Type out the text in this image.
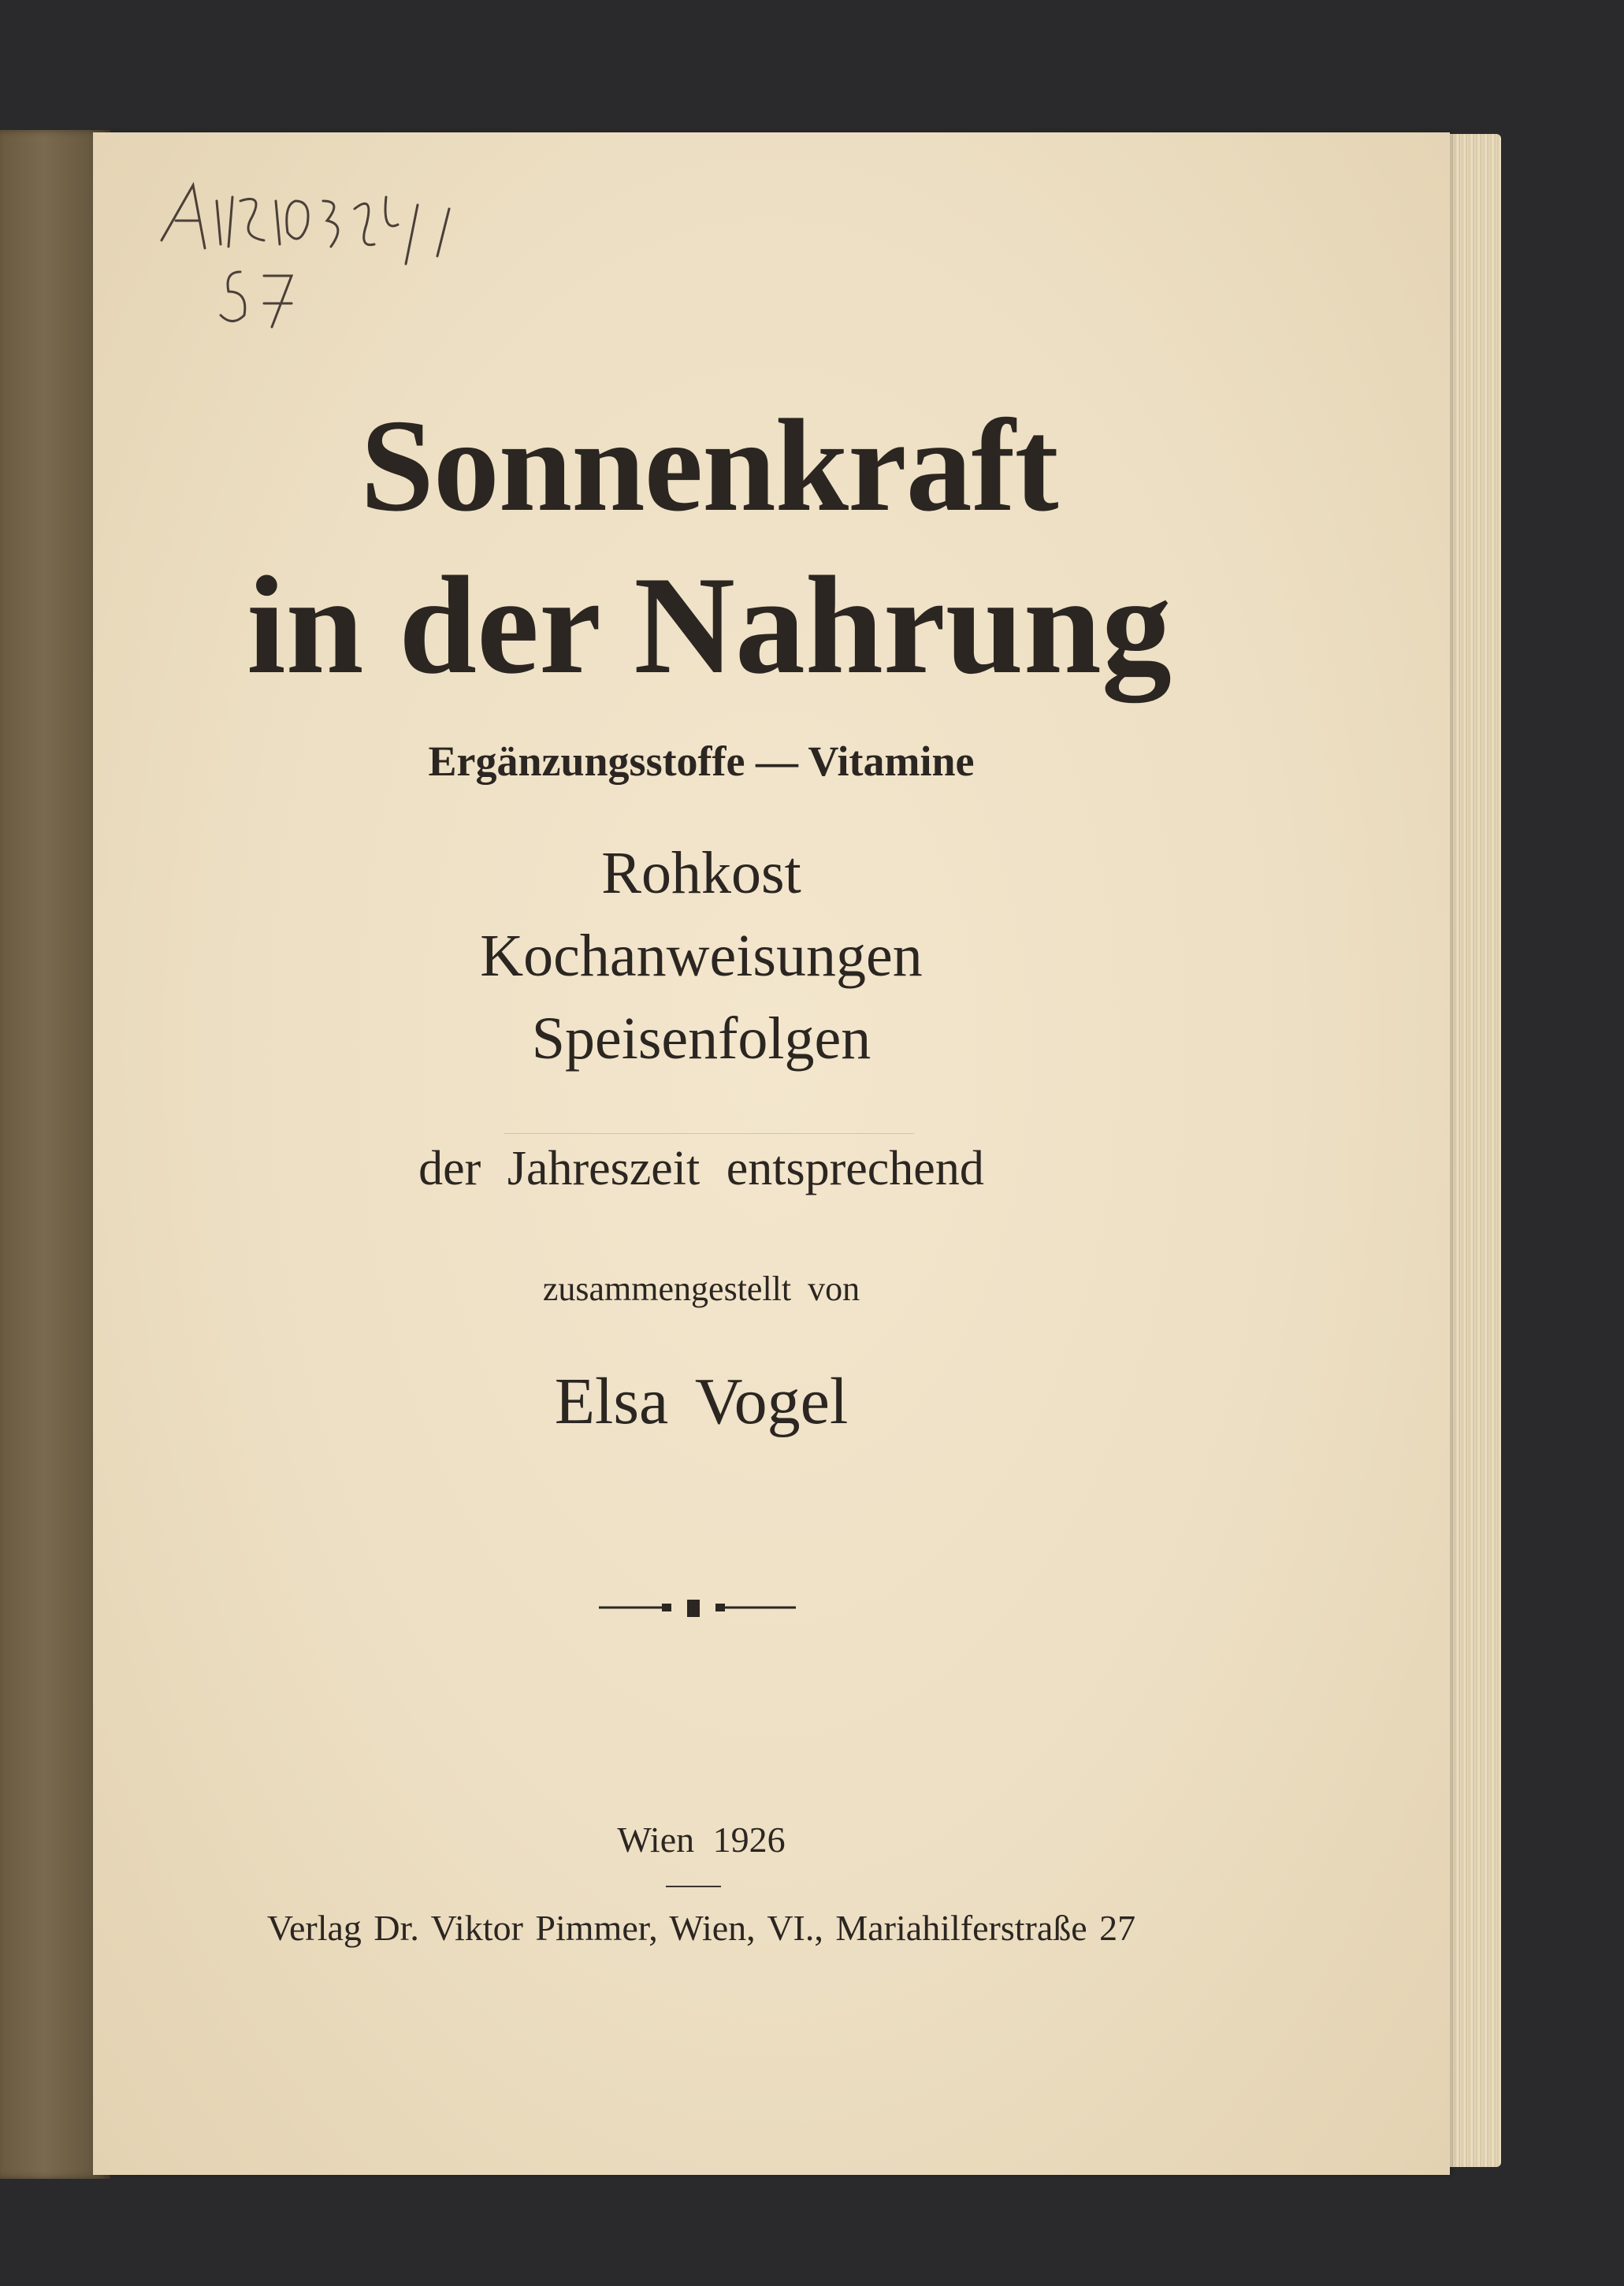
Sonnenkraft
in der Nahrung
Ergänzungsstoffe — Vitamine
Rohkost
Kochanweisungen
Speisenfolgen
der Jahreszeit entsprechend
zusammengestellt von
Elsa Vogel
Wien 1926
Verlag Dr. Viktor Pimmer, Wien, VI., Mariahilferstraße 27
